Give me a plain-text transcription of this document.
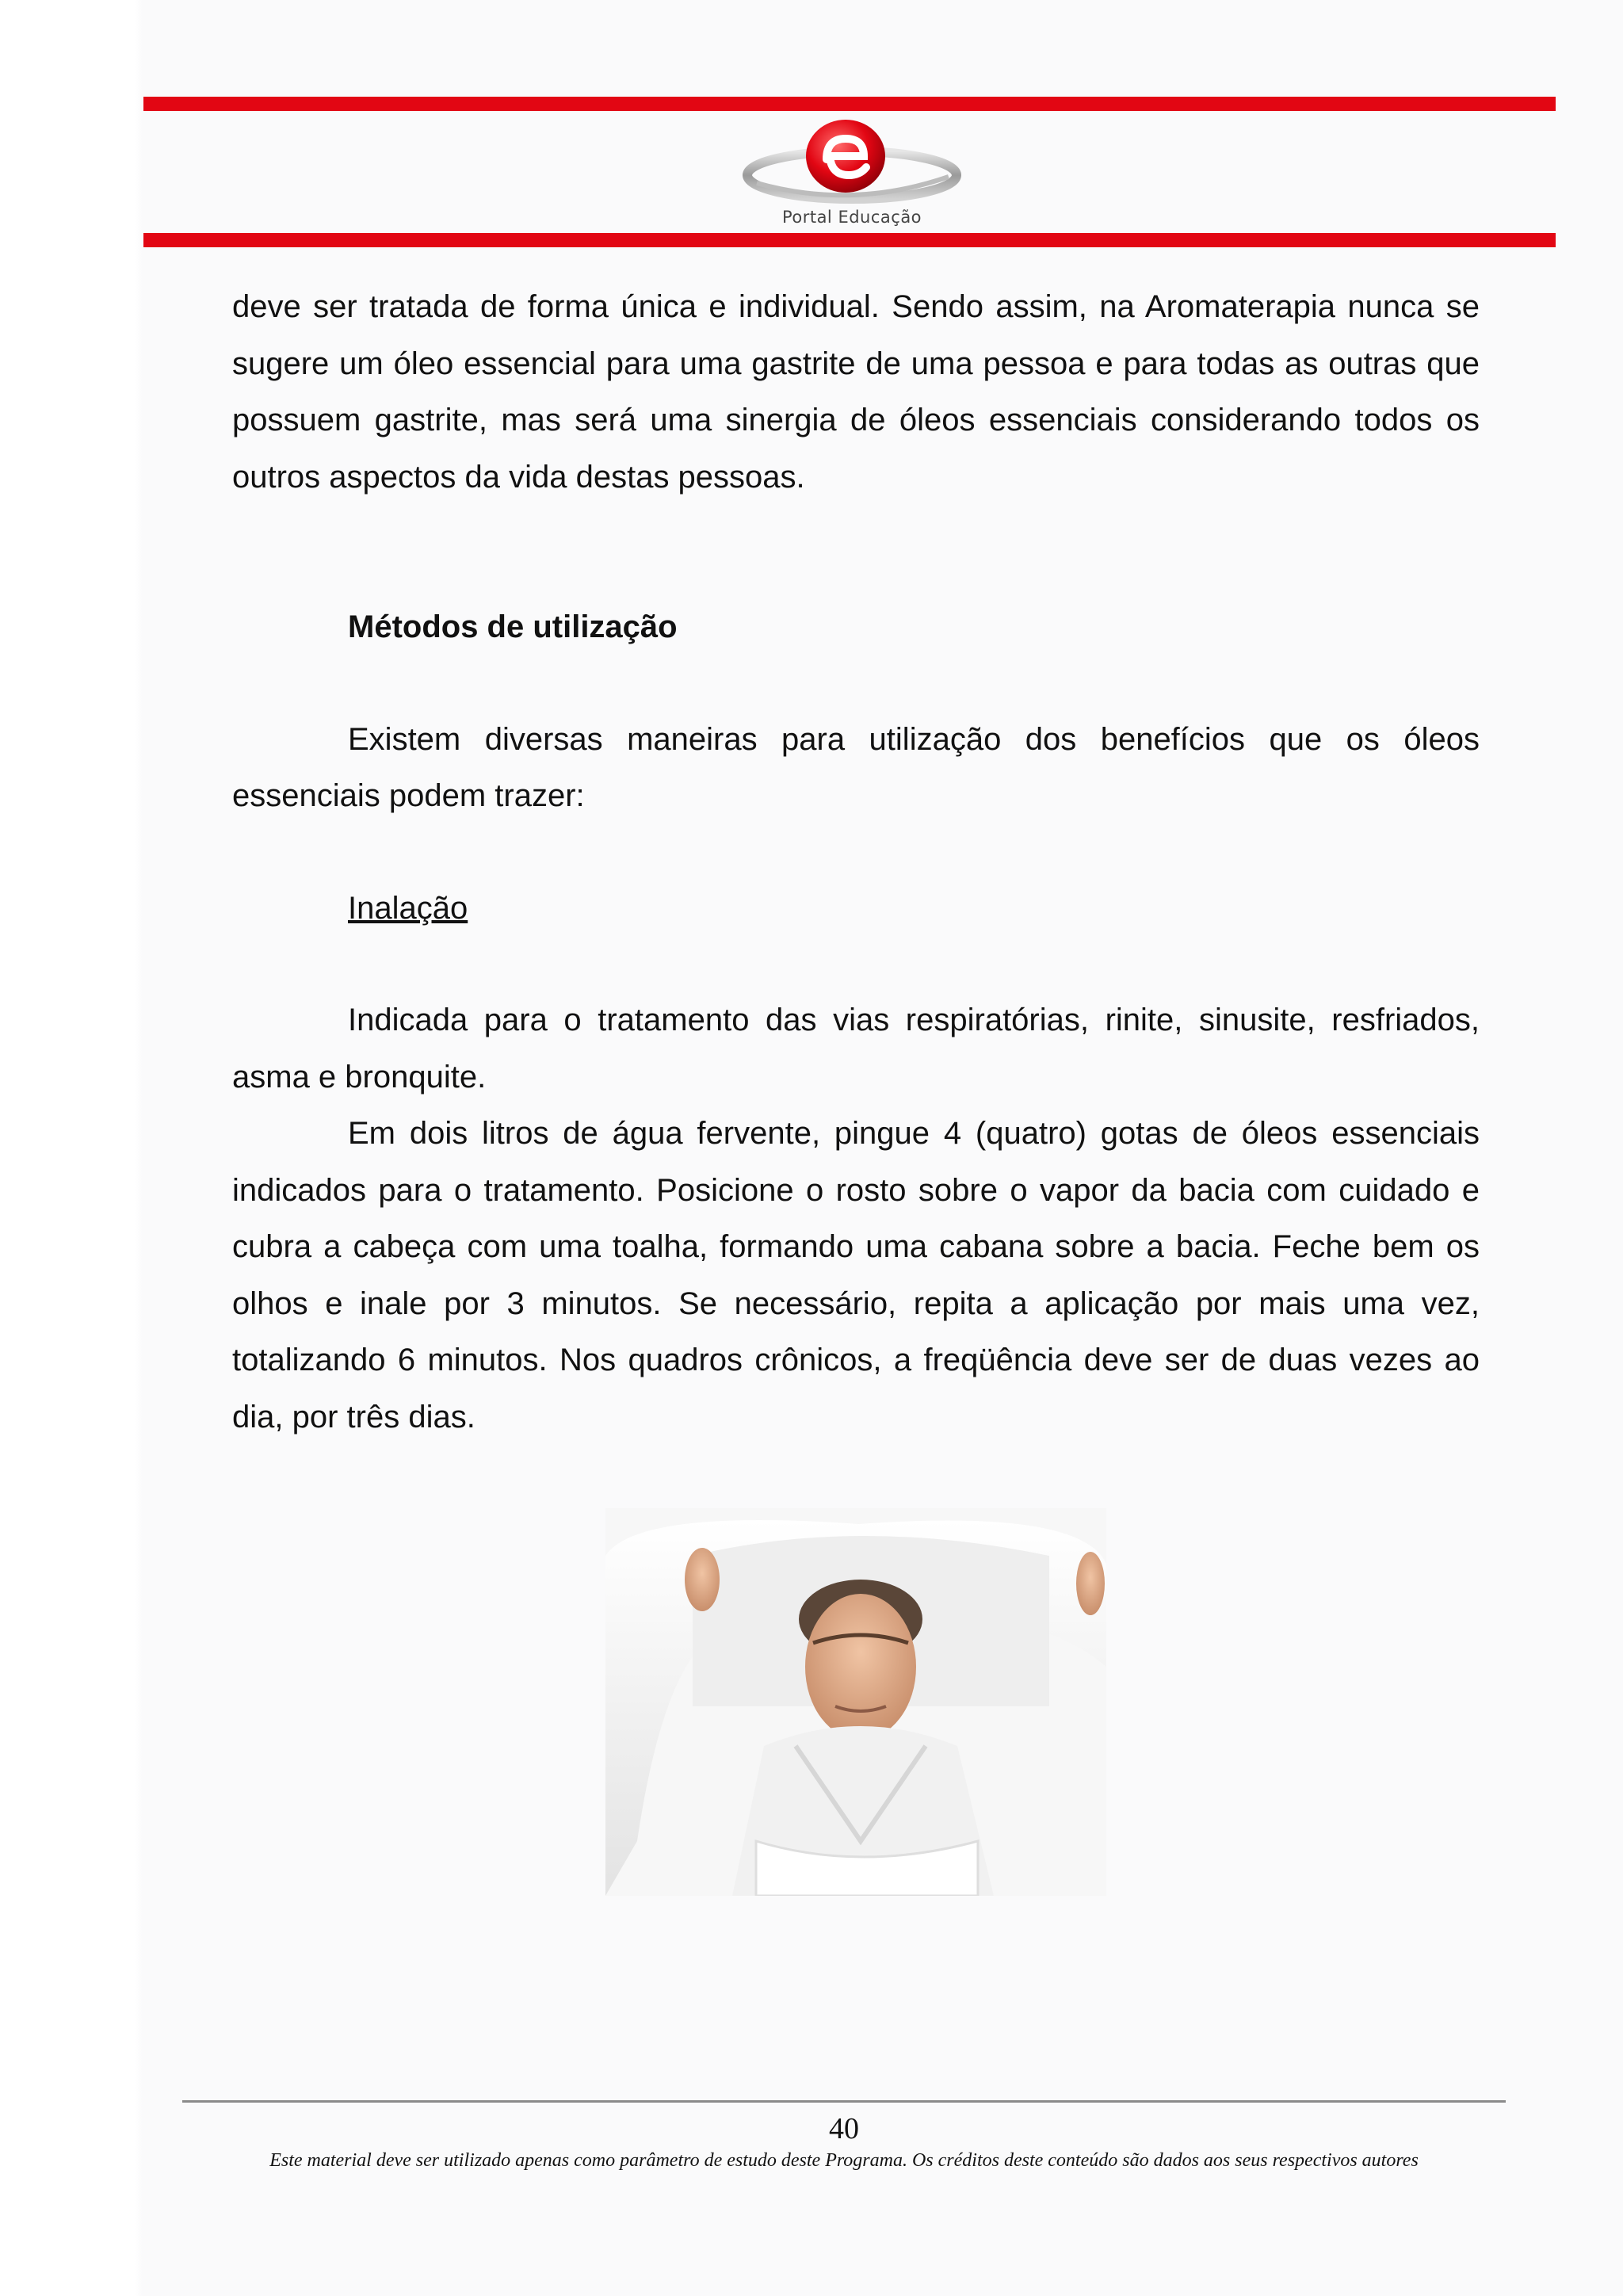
Portal Educação

deve ser tratada de forma única e individual. Sendo assim, na Aromaterapia nunca se sugere um óleo essencial para uma gastrite de uma pessoa e para todas as outras que possuem gastrite, mas será uma sinergia de óleos essenciais considerando todos os outros aspectos da vida destas pessoas.

Métodos de utilização

Existem diversas maneiras para utilização dos benefícios que os óleos essenciais podem trazer:

Inalação

Indicada para o tratamento das vias respiratórias, rinite, sinusite, resfriados, asma e bronquite.

Em dois litros de água fervente, pingue 4 (quatro) gotas de óleos essenciais indicados para o tratamento. Posicione o rosto sobre o vapor da bacia com cuidado e cubra a cabeça com uma toalha, formando uma cabana sobre a bacia. Feche bem os olhos e inale por 3 minutos. Se necessário, repita a aplicação por mais uma vez, totalizando 6 minutos. Nos quadros crônicos, a freqüência deve ser de duas vezes ao dia, por três dias.

40
Este material deve ser utilizado apenas como parâmetro de estudo deste Programa. Os créditos deste conteúdo são dados aos seus respectivos autores
